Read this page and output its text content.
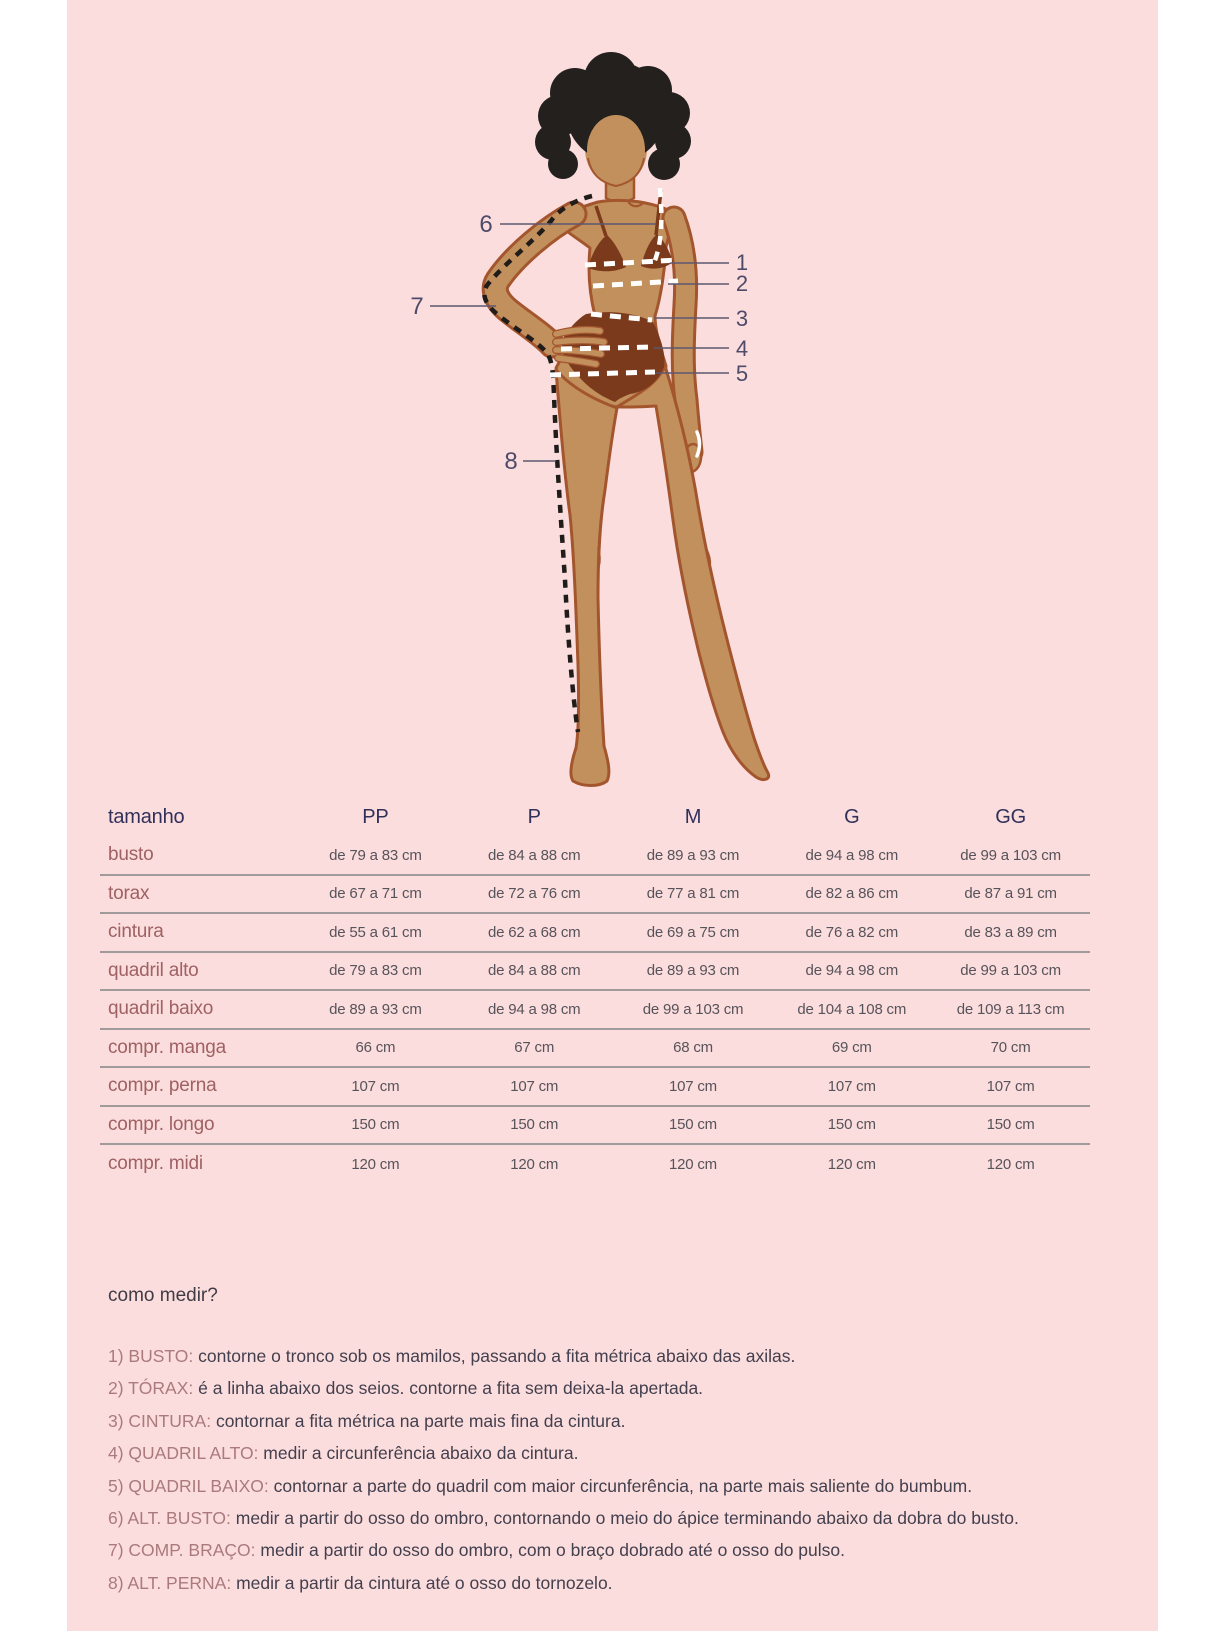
1
2
3
4
5
6
7
8
tamanho	PP	P	M	G	GG
busto	de 79 a 83 cm	de 84 a 88 cm	de 89 a 93 cm	de 94 a 98 cm	de 99 a 103 cm
torax	de 67 a 71 cm	de 72 a 76 cm	de 77 a 81 cm	de 82 a 86 cm	de 87 a 91 cm
cintura	de 55 a 61 cm	de 62 a 68 cm	de 69 a 75 cm	de 76 a 82 cm	de 83 a 89 cm
quadril alto	de 79 a 83 cm	de 84 a 88 cm	de 89 a 93 cm	de 94 a 98 cm	de 99 a 103 cm
quadril baixo	de 89 a 93 cm	de 94 a 98 cm	de 99 a 103 cm	de 104 a 108 cm	de 109 a 113 cm
compr. manga	66 cm	67 cm	68 cm	69 cm	70 cm
compr. perna	107 cm	107 cm	107 cm	107 cm	107 cm
compr. longo	150 cm	150 cm	150 cm	150 cm	150 cm
compr. midi	120 cm	120 cm	120 cm	120 cm	120 cm
como medir?
1) BUSTO: contorne o tronco sob os mamilos, passando a fita métrica abaixo das axilas.
2) TÓRAX: é a linha abaixo dos seios. contorne a fita sem deixa-la apertada.
3) CINTURA: contornar a fita métrica na parte mais fina da cintura.
4) QUADRIL ALTO: medir a circunferência abaixo da cintura.
5) QUADRIL BAIXO: contornar a parte do quadril com maior circunferência, na parte mais saliente do bumbum.
6) ALT. BUSTO: medir a partir do osso do ombro, contornando o meio do ápice terminando abaixo da dobra do busto.
7) COMP. BRAÇO: medir a partir do osso do ombro, com o braço dobrado até o osso do pulso.
8) ALT. PERNA: medir a partir da cintura até o osso do tornozelo.
